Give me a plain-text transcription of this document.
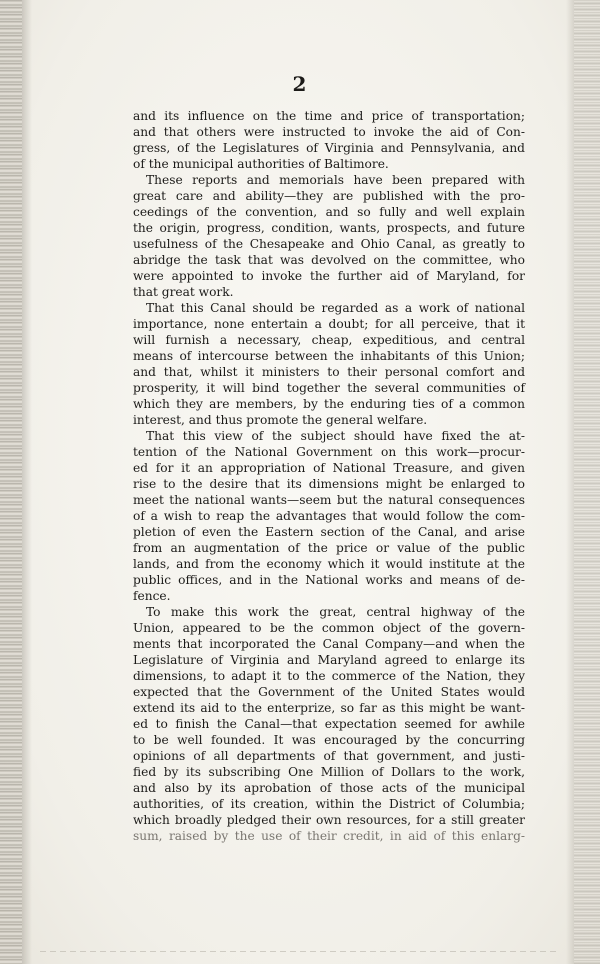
2
and its influence on the time and price of transportation;
and that others were instructed to invoke the aid of Con-
gress, of the Legislatures of Virginia and Pennsylvania, and
of the municipal authorities of Baltimore.
These reports and memorials have been prepared with
great care and ability—they are published with the pro-
ceedings of the convention, and so fully and well explain
the origin, progress, condition, wants, prospects, and future
usefulness of the Chesapeake and Ohio Canal, as greatly to
abridge the task that was devolved on the committee, who
were appointed to invoke the further aid of Maryland, for
that great work.
That this Canal should be regarded as a work of national
importance, none entertain a doubt; for all perceive, that it
will furnish a necessary, cheap, expeditious, and central
means of intercourse between the inhabitants of this Union;
and that, whilst it ministers to their personal comfort and
prosperity, it will bind together the several communities of
which they are members, by the enduring ties of a common
interest, and thus promote the general welfare.
That this view of the subject should have fixed the at-
tention of the National Government on this work—procur-
ed for it an appropriation of National Treasure, and given
rise to the desire that its dimensions might be enlarged to
meet the national wants—seem but the natural consequences
of a wish to reap the advantages that would follow the com-
pletion of even the Eastern section of the Canal, and arise
from an augmentation of the price or value of the public
lands, and from the economy which it would institute at the
public offices, and in the National works and means of de-
fence.
To make this work the great, central highway of the
Union, appeared to be the common object of the govern-
ments that incorporated the Canal Company—and when the
Legislature of Virginia and Maryland agreed to enlarge its
dimensions, to adapt it to the commerce of the Nation, they
expected that the Government of the United States would
extend its aid to the enterprize, so far as this might be want-
ed to finish the Canal—that expectation seemed for awhile
to be well founded. It was encouraged by the concurring
opinions of all departments of that government, and justi-
fied by its subscribing One Million of Dollars to the work,
and also by its aprobation of those acts of the municipal
authorities, of its creation, within the District of Columbia;
which broadly pledged their own resources, for a still greater
sum, raised by the use of their credit, in aid of this enlarg-
